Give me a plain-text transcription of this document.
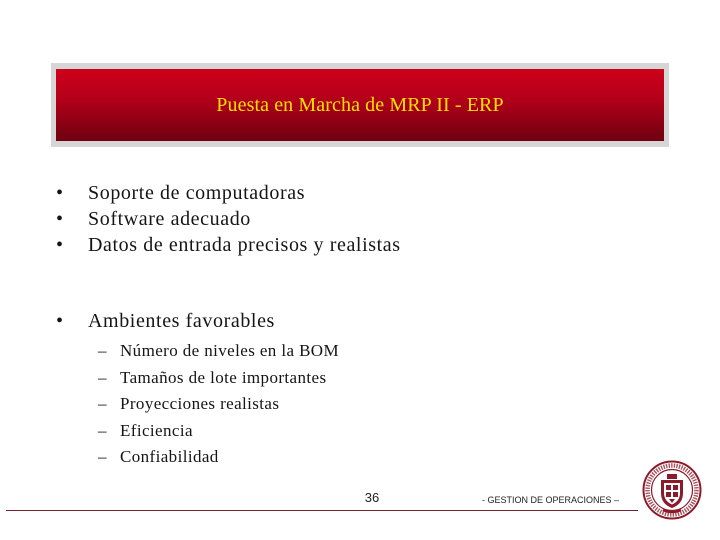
Puesta en Marcha de MRP II - ERP
•	Soporte de computadoras
•	Software adecuado
•	Datos de entrada precisos y realistas
•	Ambientes favorables
– Número de niveles en la BOM
– Tamaños de lote importantes
– Proyecciones realistas
– Eficiencia
– Confiabilidad
36	- GESTION DE OPERACIONES –
